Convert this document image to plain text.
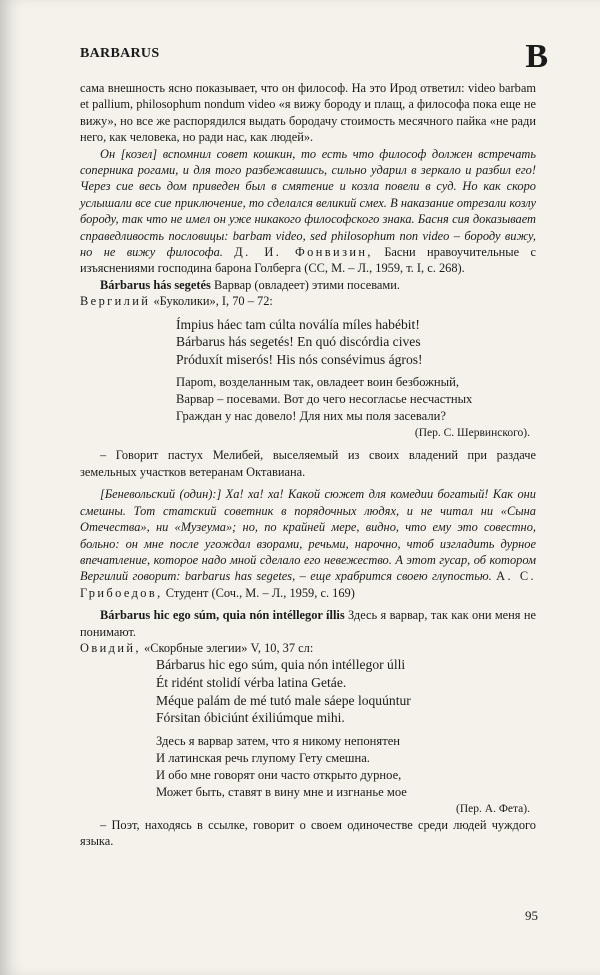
BARBARUS	B

сама внешность ясно показывает, что он философ. На это Ирод ответил: video barbam et pallium, philosophum nondum video «я вижу бороду и плащ, а философа пока еще не вижу», но все же распорядился выдать бородачу стоимость месячного пайка «не ради него, как человека, но ради нас, как людей».

Он [козел] вспомнил совет кошкин, то есть что философ должен встречать соперника рогами, и для того разбежавшись, сильно ударил в зеркало и разбил его! Через сие весь дом приведен был в смятение и козла повели в суд. Но как скоро услышали все сие приключение, то сделался великий смех. В наказание отрезали козлу бороду, так что не имел он уже никакого философского знака. Басня сия доказывает справедливость пословицы: barbam video, sed philosophum non video – бороду вижу, но не вижу философа. Д. И. Фонвизин, Басни нравоучительные с изъяснениями господина барона Голберга (СС, М. – Л., 1959, т. I, с. 268).

Bárbarus hás segetés Варвар (овладеет) этими посевами.

Вергилий «Буколики», I, 70 – 72:

Ímpius háec tam cúlta noválía míles habébit!
Bárbarus hás segetés! En quó discórdia cives
Próduxít miserós! His nós consévimus ágros!
Пароm, возделанным так, овладеет воин безбожный,
Варвар – посевами. Вот до чего несогласье несчастных
Граждан у нас довело! Для них мы поля засевали?
(Пер. С. Шервинского).

– Говорит пастух Мелибей, выселяемый из своих владений при раздаче земельных участков ветеранам Октавиана.

[Беневольский (один):] Ха! ха! ха! Какой сюжет для комедии богатый! Как они смешны. Тот статский советник в порядочных людях, и не читал ни «Сына Отечества», ни «Музеума»; но, по крайней мере, видно, что ему это совестно, больно: он мне после угождал взорами, речьми, нарочно, чтоб изгладить дурное впечатление, которое надо мной сделало его невежество. А этот гусар, об котором Вергилий говорит: barbarus has segetes, – еще храбрится своею глупостью. А. С. Грибоедов, Студент (Соч., М. – Л., 1959, с. 169)

Bárbarus hic ego súm, quia nón intéllegor íllis Здесь я варвар, так как они меня не понимают.

Овидий, «Скорбные элегии» V, 10, 37 сл:

Bárbarus hic ego súm, quia nón intéllegor úlli
Ét ridént stolidí vérba latina Getáe.
Méque palám de mé tutó male sáepe loquúntur
Fórsitan óbiciúnt éxiliúmque mihi.
Здесь я варвар затем, что я никому непонятен
И латинская речь глупому Гету смешна.
И обо мне говорят они часто открыто дурное,
Может быть, ставят в вину мне и изгнанье мое
(Пер. А. Фета).

– Поэт, находясь в ссылке, говорит о своем одиночестве среди людей чуждого языка.

95
